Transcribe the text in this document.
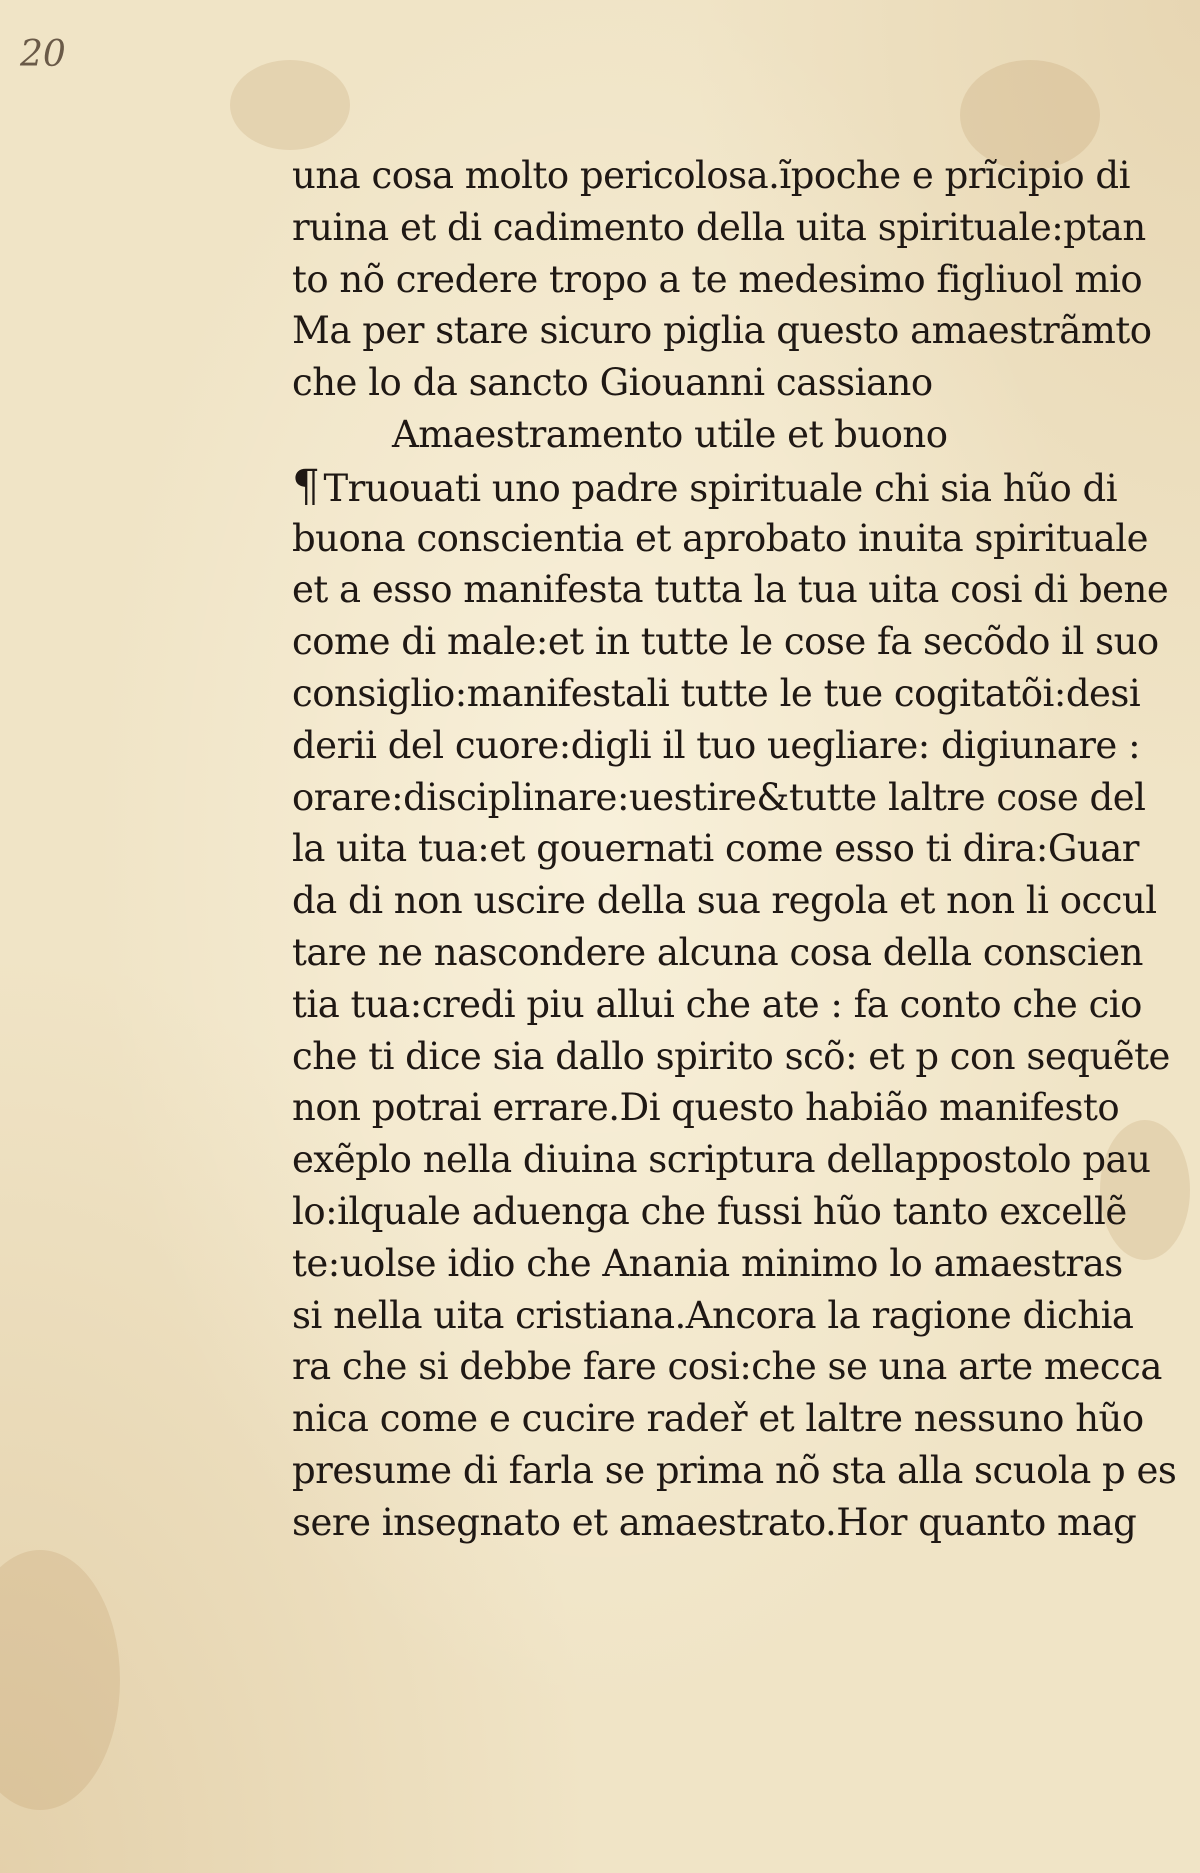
20
una cosa molto pericolosa.ĩpoche e prĩcipio di
ruina et di cadimento della uita spirituale:ptan
to nõ credere tropo a te medesimo figliuol mio
Ma per stare sicuro piglia questo amaestrãmto
che lo da sancto Giouanni cassiano
Amaestramento utile et buono
¶ Truouati uno padre spirituale chi sia hũo di
buona conscientia et aprobato inuita spirituale
et a esso manifesta tutta la tua uita cosi di bene
come di male:et in tutte le cose fa secõdo il suo
consiglio:manifestali tutte le tue cogitatõi:desi
derii del cuore:digli il tuo uegliare: digiunare :
orare:disciplinare:uestire&tutte laltre cose del
la uita tua:et gouernati come esso ti dira:Guar
da di non uscire della sua regola et non li occul
tare ne nascondere alcuna cosa della conscien
tia tua:credi piu allui che ate : fa conto che cio
che ti dice sia dallo spirito scõ: et p con sequẽte
non potrai errare.Di questo habião manifesto
exẽplo nella diuina scriptura dellappostolo pau
lo:ilquale aduenga che fussi hũo tanto excellẽ
te:uolse idio che Anania minimo lo amaestras
si nella uita cristiana.Ancora la ragione dichia
ra che si debbe fare cosi:che se una arte mecca
nica come e cucire radeř et laltre nessuno hũo
presume di farla se prima nõ sta alla scuola p es
sere insegnato et amaestrato.Hor quanto mag
